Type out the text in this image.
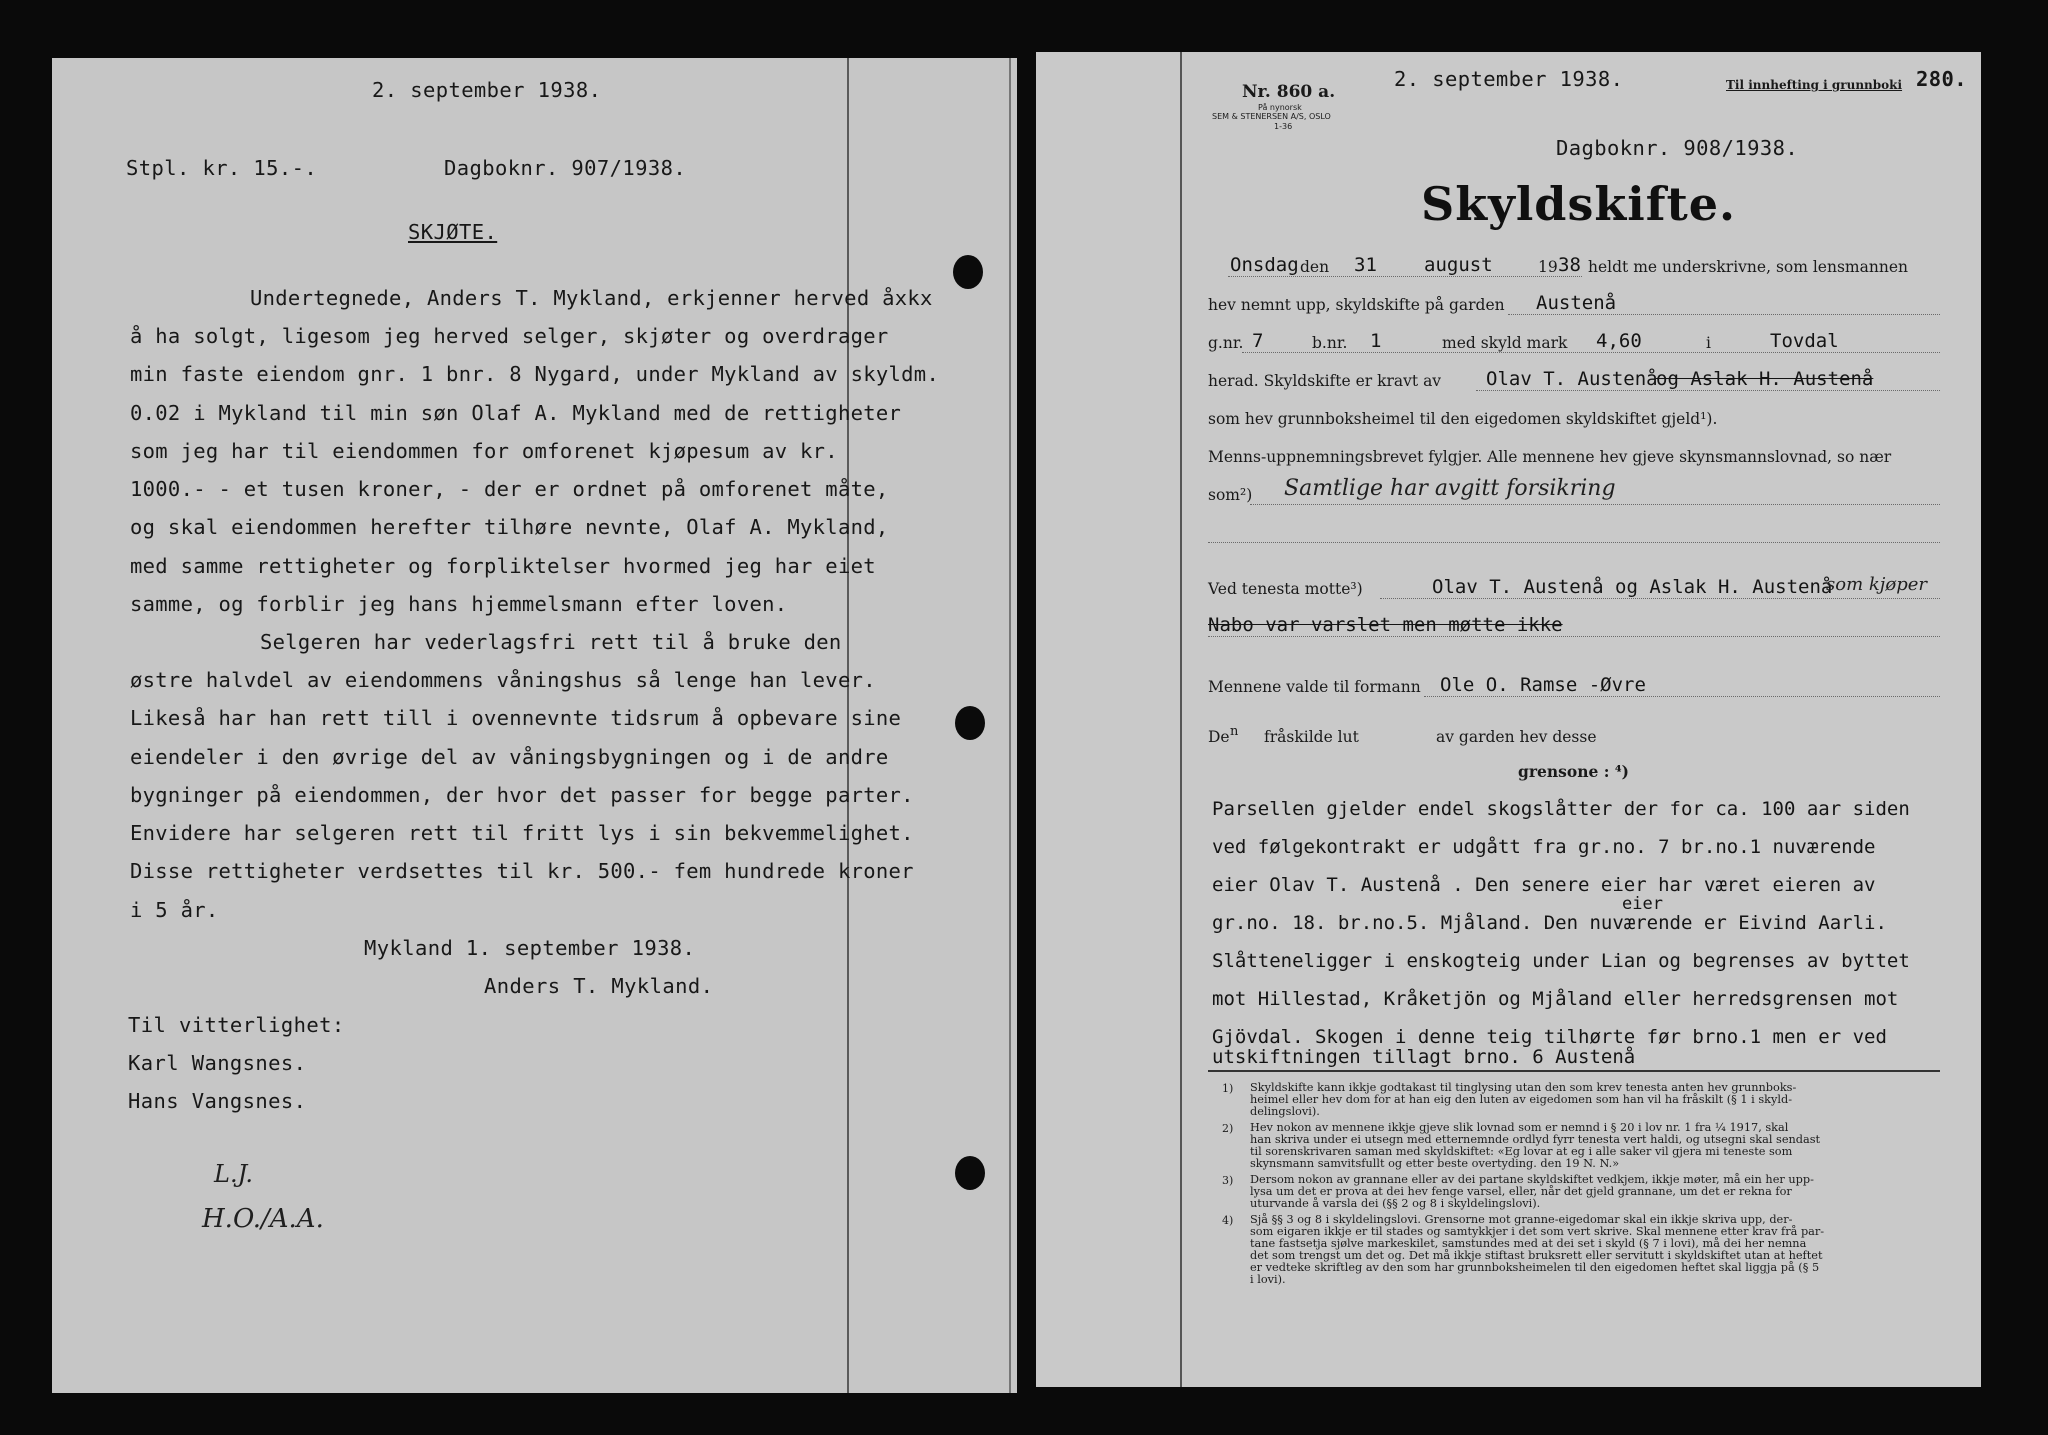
2. september 1938.
Stpl. kr. 15.-.	Dagboknr. 907/1938.
SKJØTE.
Undertegnede, Anders T. Mykland, erkjenner herved åxkx
å ha solgt, ligesom jeg herved selger, skjøter og overdrager
min faste eiendom gnr. 1 bnr. 8 Nygard, under Mykland av skyldm.
0.02 i Mykland til min søn Olaf A. Mykland med de rettigheter
som jeg har til eiendommen for omforenet kjøpesum av kr.
1000.- - et tusen kroner, - der er ordnet på omforenet måte,
og skal eiendommen herefter tilhøre nevnte, Olaf A. Mykland,
med samme rettigheter og forpliktelser hvormed jeg har eiet
samme, og forblir jeg hans hjemmelsmann efter loven.
Selgeren har vederlagsfri rett til å bruke den
østre halvdel av eiendommens våningshus så lenge han lever.
Likeså har han rett till i ovennevnte tidsrum å opbevare sine
eiendeler i den øvrige del av våningsbygningen og i de andre
bygninger på eiendommen, der hvor det passer for begge parter.
Envidere har selgeren rett til fritt lys i sin bekvemmelighet.
Disse rettigheter verdsettes til kr. 500.- fem hundrede kroner
i 5 år.
Mykland 1. september 1938.
Anders T. Mykland.
Til vitterlighet:
Karl Wangsnes.
Hans Vangsnes.
L.J.
H.O./A.A.
Nr. 860 a.
På nynorsk
SEM & STENERSEN A/S, OSLO
1-36
2. september 1938.	Til innhefting i grunnboki 280.
Dagboknr. 908/1938.
Skyldskifte.
Onsdag den 31 august	19 38 heldt me underskrivne, som lensmannen
hev nemnt upp, skyldskifte på garden Austenå
g.nr. 7	b.nr. 1	med skyld mark 4,60	i	Tovdal
herad. Skyldskifte er kravt av Olav T. Austenå
og Aslak H. Austenå
som hev grunnboksheimel til den eigedomen skyldskiftet gjeld¹).
Menns-uppnemningsbrevet fylgjer. Alle mennene hev gjeve skynsmannslovnad, so nær
som²) Samtlige har avgitt forsikring
Ved tenesta motte³)	Olav T. Austenå og Aslak H. Austenå
som kjøper
Nabo var varslet men møtte ikke
Mennene valde til formann Ole O. Ramse -Øvre
De n fråskilde lut	av garden hev desse
grensone : ⁴)
Parsellen gjelder endel skogslåtter der for ca. 100 aar siden
ved følgekontrakt er udgått fra gr.no. 7 br.no.1 nuværende
eier Olav T. Austenå . Den senere eier har været eieren av
eier
gr.no. 18. br.no.5. Mjåland. Den nuværende er Eivind Aarli.
Slåtteneligger i enskogteig under Lian og begrenses av byttet
mot Hillestad, Kråketjön og Mjåland eller herredsgrensen mot
Gjövdal. Skogen i denne teig tilhørte før brno.1 men er ved
utskiftningen tillagt brno. 6 Austenå
1) Skyldskifte kann ikkje godtakast til tinglysing utan den som krev tenesta anten hev grunnboks-
heimel eller hev dom for at han eig den luten av eigedomen som han vil ha fråskilt (§ 1 i skyld-
delingslovi).
2) Hev nokon av mennene ikkje gjeve slik lovnad som er nemnd i § 20 i lov nr. 1 fra ¼ 1917, skal
han skriva under ei utsegn med etternemnde ordlyd fyrr tenesta vert haldi, og utsegni skal sendast
til sorenskrivaren saman med skyldskiftet: «Eg lovar at eg i alle saker vil gjera mi teneste som
skynsmann samvitsfullt og etter beste overtyding. den 19 N. N.»
3) Dersom nokon av grannane eller av dei partane skyldskiftet vedkjem, ikkje møter, må ein her upp-
lysa um det er prova at dei hev fenge varsel, eller, når det gjeld grannane, um det er rekna for
uturvande å varsla dei (§§ 2 og 8 i skyldelingslovi).
4) Sjå §§ 3 og 8 i skyldelingslovi. Grensorne mot granne-eigedomar skal ein ikkje skriva upp, der-
som eigaren ikkje er til stades og samtykkjer i det som vert skrive. Skal mennene etter krav frå par-
tane fastsetja sjølve markeskilet, samstundes med at dei set i skyld (§ 7 i lovi), må dei her nemna
det som trengst um det og. Det må ikkje stiftast bruksrett eller servitutt i skyldskiftet utan at heftet
er vedteke skriftleg av den som har grunnboksheimelen til den eigedomen heftet skal liggja på (§ 5
i lovi).
